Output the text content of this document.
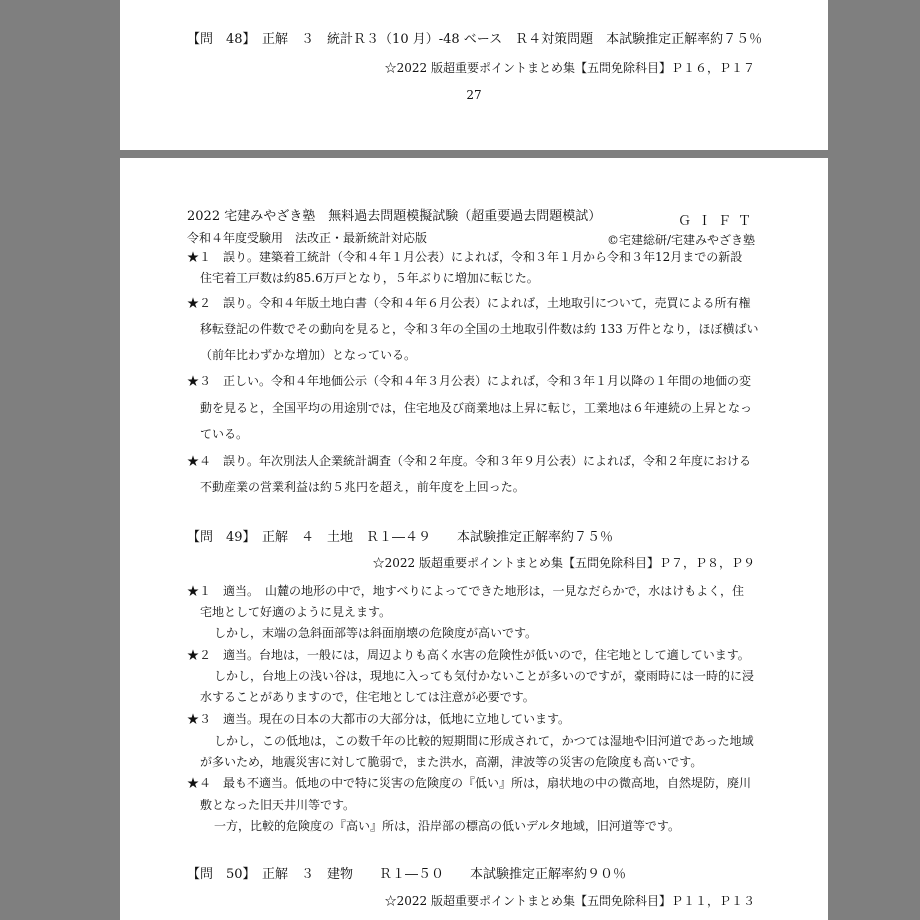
【問　48】　正解　３　統計Ｒ３（10 月）-48 ベース　Ｒ４対策問題　本試験推定正解率約７５％
☆2022 版超重要ポイントまとめ集【五問免除科目】Ｐ１６，Ｐ１７
27
2022 宅建みやざき塾　無料過去問題模擬試験（超重要過去問題模試）	ＧＩＦＴ
令和４年度受験用　法改正・最新統計対応版	©宅建総研/宅建みやざき塾
★１　誤り。建築着工統計（令和４年１月公表）によれば，令和３年１月から令和３年12月までの新設
住宅着工戸数は約85.6万戸となり，５年ぶりに増加に転じた。
★２　誤り。令和４年版土地白書（令和４年６月公表）によれば，土地取引について，売買による所有権
移転登記の件数でその動向を見ると，令和３年の全国の土地取引件数は約 133 万件となり，ほぼ横ばい
（前年比わずかな増加）となっている。
★３　正しい。令和４年地価公示（令和４年３月公表）によれば，令和３年１月以降の１年間の地価の変
動を見ると，全国平均の用途別では，住宅地及び商業地は上昇に転じ，工業地は６年連続の上昇となっ
ている。
★４　誤り。年次別法人企業統計調査（令和２年度。令和３年９月公表）によれば，令和２年度における
不動産業の営業利益は約５兆円を超え，前年度を上回った。
【問　49】　正解　４　土地　Ｒ１―４９　　本試験推定正解率約７５％
☆2022 版超重要ポイントまとめ集【五問免除科目】Ｐ７，Ｐ８，Ｐ９
★１　適当。　山麓の地形の中で，地すべりによってできた地形は，一見なだらかで，水はけもよく，住
宅地として好適のように見えます。
しかし，末端の急斜面部等は斜面崩壊の危険度が高いです。
★２　適当。台地は，一般には，周辺よりも高く水害の危険性が低いので，住宅地として適しています。
しかし，台地上の浅い谷は，現地に入っても気付かないことが多いのですが，豪雨時には一時的に浸
水することがありますので，住宅地としては注意が必要です。
★３　適当。現在の日本の大都市の大部分は，低地に立地しています。
しかし，この低地は，この数千年の比較的短期間に形成されて，かつては湿地や旧河道であった地域
が多いため，地震災害に対して脆弱で，また洪水，高潮，津波等の災害の危険度も高いです。
★４　最も不適当。低地の中で特に災害の危険度の『低い』所は，扇状地の中の微高地，自然堤防，廃川
敷となった旧天井川等です。
一方，比較的危険度の『高い』所は，沿岸部の標高の低いデルタ地域，旧河道等です。
【問　50】　正解　３　建物　　Ｒ１―５０　　本試験推定正解率約９０％
☆2022 版超重要ポイントまとめ集【五問免除科目】Ｐ１１，Ｐ１３
